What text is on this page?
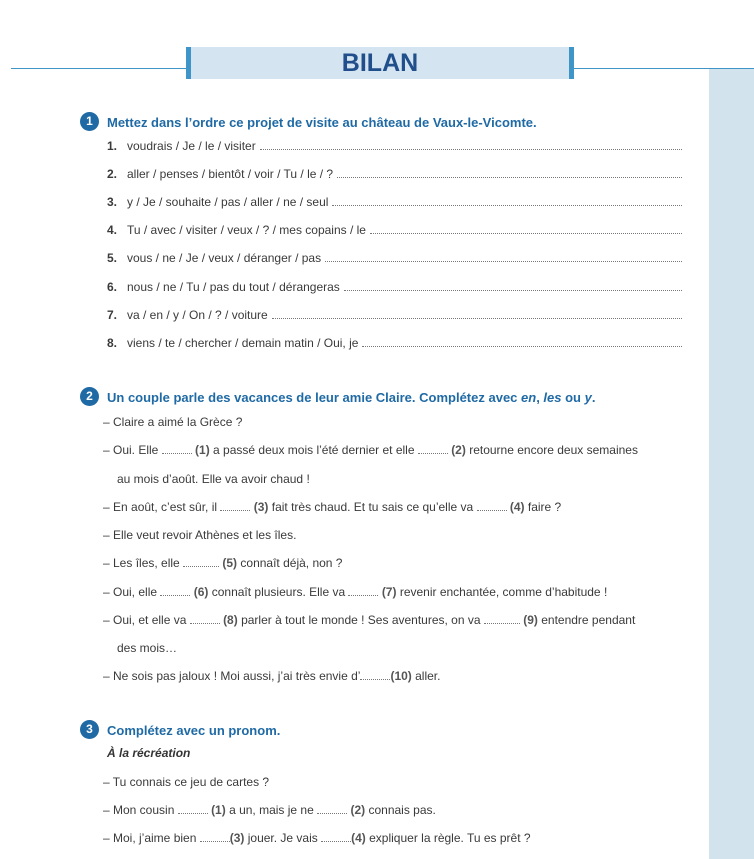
BILAN
1	Mettez dans l’ordre ce projet de visite au château de Vaux-le-Vicomte.
1. voudrais / Je / le / visiter
2. aller / penses / bientôt / voir / Tu / le / ?
3. y / Je / souhaite / pas / aller / ne / seul
4. Tu / avec / visiter / veux / ? / mes copains / le
5. vous / ne / Je / veux / déranger / pas
6. nous / ne / Tu / pas du tout / dérangeras
7. va / en / y / On / ? / voiture
8. viens / te / chercher / demain matin / Oui, je
2	Un couple parle des vacances de leur amie Claire. Complétez avec en, les ou y.
– Claire a aimé la Grèce ?
– Oui. Elle	(1) a passé deux mois l’été dernier et elle	(2) retourne encore deux semaines
au mois d’août. Elle va avoir chaud !
– En août, c’est sûr, il	(3) fait très chaud. Et tu sais ce qu’elle va	(4) faire ?
– Elle veut revoir Athènes et les îles.
– Les îles, elle	(5) connaît déjà, non ?
– Oui, elle	(6) connaît plusieurs. Elle va	(7) revenir enchantée, comme d’habitude !
– Oui, et elle va	(8) parler à tout le monde ! Ses aventures, on va	(9) entendre pendant
des mois…
– Ne sois pas jaloux ! Moi aussi, j’ai très envie d’	(10) aller.
3	Complétez avec un pronom.
À la récréation
– Tu connais ce jeu de cartes ?
– Mon cousin	(1) a un, mais je ne	(2) connais pas.
– Moi, j’aime bien	(3) jouer. Je vais	(4) expliquer la règle. Tu es prêt ?
